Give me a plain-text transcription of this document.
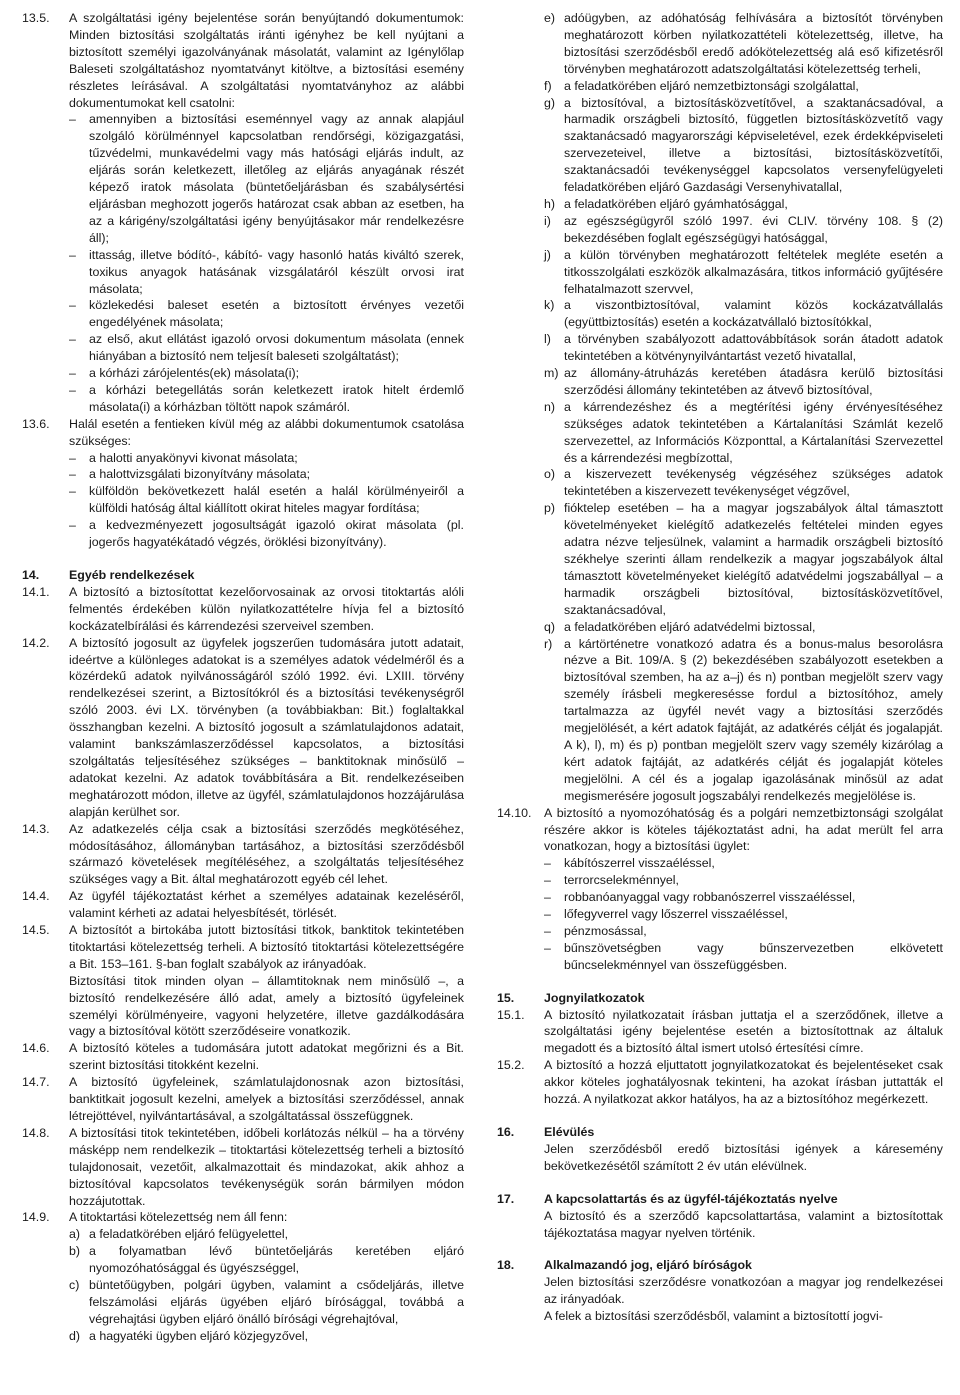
13.5. A szolgáltatási igény bejelentése során benyújtandó dokumentumok: Minden biztosítási szolgáltatás iránti igényhez be kell nyújtani a biztosított személyi igazolványának másolatát, valamint az Igénylőlap Baleseti szolgáltatáshoz nyomtatványt kitöltve, a biztosítási esemény részletes leírásával. A szolgáltatási nyomtatványhoz az alábbi dokumentumokat kell csatolni:
– amennyiben a biztosítási eseménnyel vagy az annak alapjául szolgáló körülménnyel kapcsolatban rendőrségi, közigazgatási, tűzvédelmi, munkavédelmi vagy más hatósági eljárás indult, az eljárás során keletkezett, illetőleg az eljárás anyagának részét képező iratok másolata (büntetőeljárásban és szabálysértési eljárásban meghozott jogerős határozat csak abban az esetben, ha az a kárigény/szolgáltatási igény benyújtásakor már rendelkezésre áll);
– ittasság, illetve bódító-, kábító- vagy hasonló hatás kiváltó szerek, toxikus anyagok hatásának vizsgálatáról készült orvosi irat másolata;
– közlekedési baleset esetén a biztosított érvényes vezetői engedélyének másolata;
– az első, akut ellátást igazoló orvosi dokumentum másolata (ennek hiányában a biztosító nem teljesít baleseti szolgáltatást);
– a kórházi zárójelentés(ek) másolata(i);
– a kórházi betegellátás során keletkezett iratok hitelt érdemlő másolata(i) a kórházban töltött napok számáról.
13.6. Halál esetén a fentieken kívül még az alábbi dokumentumok csatolása szükséges:
– a halotti anyakönyvi kivonat másolata;
– a halottvizsgálati bizonyítvány másolata;
– külföldön bekövetkezett halál esetén a halál körülményeiről a külföldi hatóság által kiállított okirat hiteles magyar fordítása;
– a kedvezményezett jogosultságát igazoló okirat másolata (pl. jogerős hagyatékátadó végzés, öröklési bizonyítvány).
14. Egyéb rendelkezések
14.1. A biztosító a biztosítottat kezelőorvosainak az orvosi titoktartás alóli felmentés érdekében külön nyilatkozattételre hívja fel a biztosító kockázatelbírálási és kárrendezési szerveivel szemben.
14.2. A biztosító jogosult az ügyfelek jogszerűen tudomására jutott adatait, ideértve a különleges adatokat is a személyes adatok védelméről és a közérdekű adatok nyilvánosságáról szóló 1992. évi. LXIII. törvény rendelkezései szerint, a Biztosítókról és a biztosítási tevékenységről szóló 2003. évi LX. törvényben (a továbbiakban: Bit.) foglaltakkal összhangban kezelni. A biztosító jogosult a számlatulajdonos adatait, valamint bankszámlaszerződéssel kapcsolatos, a biztosítási szolgáltatás teljesítéséhez szükséges – banktitoknak minősülő – adatokat kezelni. Az adatok továbbítására a Bit. rendelkezéseiben meghatározott módon, illetve az ügyfél, számlatulajdonos hozzájárulása alapján kerülhet sor.
14.3. Az adatkezelés célja csak a biztosítási szerződés megkötéséhez, módosításához, állományban tartásához, a biztosítási szerződésből származó követelések megítéléséhez, a szolgáltatás teljesítéséhez szükséges vagy a Bit. által meghatározott egyéb cél lehet.
14.4. Az ügyfél tájékoztatást kérhet a személyes adatainak kezeléséről, valamint kérheti az adatai helyesbítését, törlését.
14.5. A biztosítót a birtokába jutott biztosítási titkok, banktitok tekintetében titoktartási kötelezettség terheli. A biztosító titoktartási kötelezettségére a Bit. 153–161. §-ban foglalt szabályok az irányadóak.
Biztosítási titok minden olyan – államtitoknak nem minősülő –, a biztosító rendelkezésére álló adat, amely a biztosító ügyfeleinek személyi körülményeire, vagyoni helyzetére, illetve gazdálkodására vagy a biztosítóval kötött szerződéseire vonatkozik.
14.6. A biztosító köteles a tudomására jutott adatokat megőrizni és a Bit. szerint biztosítási titokként kezelni.
14.7. A biztosító ügyfeleinek, számlatulajdonosnak azon biztosítási, banktitkait jogosult kezelni, amelyek a biztosítási szerződéssel, annak létrejöttével, nyilvántartásával, a szolgáltatással összefüggnek.
14.8. A biztosítási titok tekintetében, időbeli korlátozás nélkül – ha a törvény másképp nem rendelkezik – titoktartási kötelezettség terheli a biztosító tulajdonosait, vezetőit, alkalmazottait és mindazokat, akik ahhoz a biztosítóval kapcsolatos tevékenységük során bármilyen módon hozzájutottak.
14.9. A titoktartási kötelezettség nem áll fenn:
a) a feladatkörében eljáró felügyelettel,
b) a folyamatban lévő büntetőeljárás keretében eljáró nyomozóhatósággal és ügyészséggel,
c) büntetőügyben, polgári ügyben, valamint a csődeljárás, illetve felszámolási eljárás ügyében eljáró bírósággal, továbbá a végrehajtási ügyben eljáró önálló bírósági végrehajtóval,
d) a hagyatéki ügyben eljáró közjegyzővel,
e) adóügyben, az adóhatóság felhívására a biztosítót törvényben meghatározott körben nyilatkozattételi kötelezettség, illetve, ha biztosítási szerződésből eredő adókötelezettség alá eső kifizetésről törvényben meghatározott adatszolgáltatási kötelezettség terheli,
f) a feladatkörében eljáró nemzetbiztonsági szolgálattal,
g) a biztosítóval, a biztosításközvetítővel, a szaktanácsadóval, a harmadik országbeli biztosító, független biztosításközvetítő vagy szaktanácsadó magyarországi képviseletével, ezek érdekképviseleti szervezeteivel, illetve a biztosítási, biztosításközvetítői, szaktanácsadói tevékenységgel kapcsolatos versenyfelügyeleti feladatkörében eljáró Gazdasági Versenyhivatallal,
h) a feladatkörében eljáró gyámhatósággal,
i) az egészségügyről szóló 1997. évi CLIV. törvény 108. § (2) bekezdésében foglalt egészségügyi hatósággal,
j) a külön törvényben meghatározott feltételek megléte esetén a titkosszolgálati eszközök alkalmazására, titkos információ gyűjtésére felhatalmazott szervvel,
k) a viszontbiztosítóval, valamint közös kockázatvállalás (együttbiztosítás) esetén a kockázatvállaló biztosítókkal,
l) a törvényben szabályozott adattovábbítások során átadott adatok tekintetében a kötvénynyilvántartást vezető hivatallal,
m) az állomány-átruházás keretében átadásra kerülő biztosítási szerződési állomány tekintetében az átvevő biztosítóval,
n) a kárrendezéshez és a megtérítési igény érvényesítéséhez szükséges adatok tekintetében a Kártalanítási Számlát kezelő szervezettel, az Információs Központtal, a Kártalanítási Szervezettel és a kárrendezési megbízottal,
o) a kiszervezett tevékenység végzéséhez szükséges adatok tekintetében a kiszervezett tevékenységet végzővel,
p) fióktelep esetében – ha a magyar jogszabályok által támasztott követelményeket kielégítő adatkezelés feltételei minden egyes adatra nézve teljesülnek, valamint a harmadik országbeli biztosító székhelye szerinti állam rendelkezik a magyar jogszabályok által támasztott követelményeket kielégítő adatvédelmi jogszabállyal – a harmadik országbeli biztosítóval, biztosításközvetítővel, szaktanácsadóval,
q) a feladatkörében eljáró adatvédelmi biztossal,
r) a kártörténetre vonatkozó adatra és a bonus-malus besorolásra nézve a Bit. 109/A. § (2) bekezdésében szabályozott esetekben a biztosítóval szemben, ha az a–j) és n) pontban megjelölt szerv vagy személy írásbeli megkeresésse fordul a biztosítóhoz, amely tartalmazza az ügyfél nevét vagy a biztosítási szerződés megjelölését, a kért adatok fajtáját, az adatkérés célját és jogalapját. A k), l), m) és p) pontban megjelölt szerv vagy személy kizárólag a kért adatok fajtáját, az adatkérés célját és jogalapját köteles megjelölni. A cél és a jogalap igazolásának minősül az adat megismerésére jogosult jogszabályi rendelkezés megjelölése is.
14.10. A biztosító a nyomozóhatóság és a polgári nemzetbiztonsági szolgálat részére akkor is köteles tájékoztatást adni, ha adat merült fel arra vonatkozan, hogy a biztosítási ügylet:
– kábítószerrel visszaéléssel,
– terrorcselekménnyel,
– robbanóanyaggal vagy robbanószerrel visszaéléssel,
– lőfegyverrel vagy lőszerrel visszaéléssel,
– pénzmosással,
– bűnszövetségben vagy bűnszervezetben elkövetett bűncselekménnyel van összefüggésben.
15. Jognyilatkozatok
15.1. A biztosító nyilatkozatait írásban juttatja el a szerződőnek, illetve a szolgáltatási igény bejelentése esetén a biztosítottnak az általuk megadott és a biztosító által ismert utolsó értesítési címre.
15.2. A biztosító a hozzá eljuttatott jognyilatkozatokat és bejelentéseket csak akkor köteles joghatályosnak tekinteni, ha azokat írásban juttatták el hozzá. A nyilatkozat akkor hatályos, ha az a biztosítóhoz megérkezett.
16. Elévülés
Jelen szerződésből eredő biztosítási igények a káresemény bekövetkezésétől számított 2 év után elévülnek.
17. A kapcsolattartás és az ügyfél-tájékoztatás nyelve
A biztosító és a szerződő kapcsolattartása, valamint a biztosítottak tájékoztatása magyar nyelven történik.
18. Alkalmazandó jog, eljáró bíróságok
Jelen biztosítási szerződésre vonatkozóan a magyar jog rendelkezései az irányadóak.
A felek a biztosítási szerződésből, valamint a biztosítottí jogvi-
